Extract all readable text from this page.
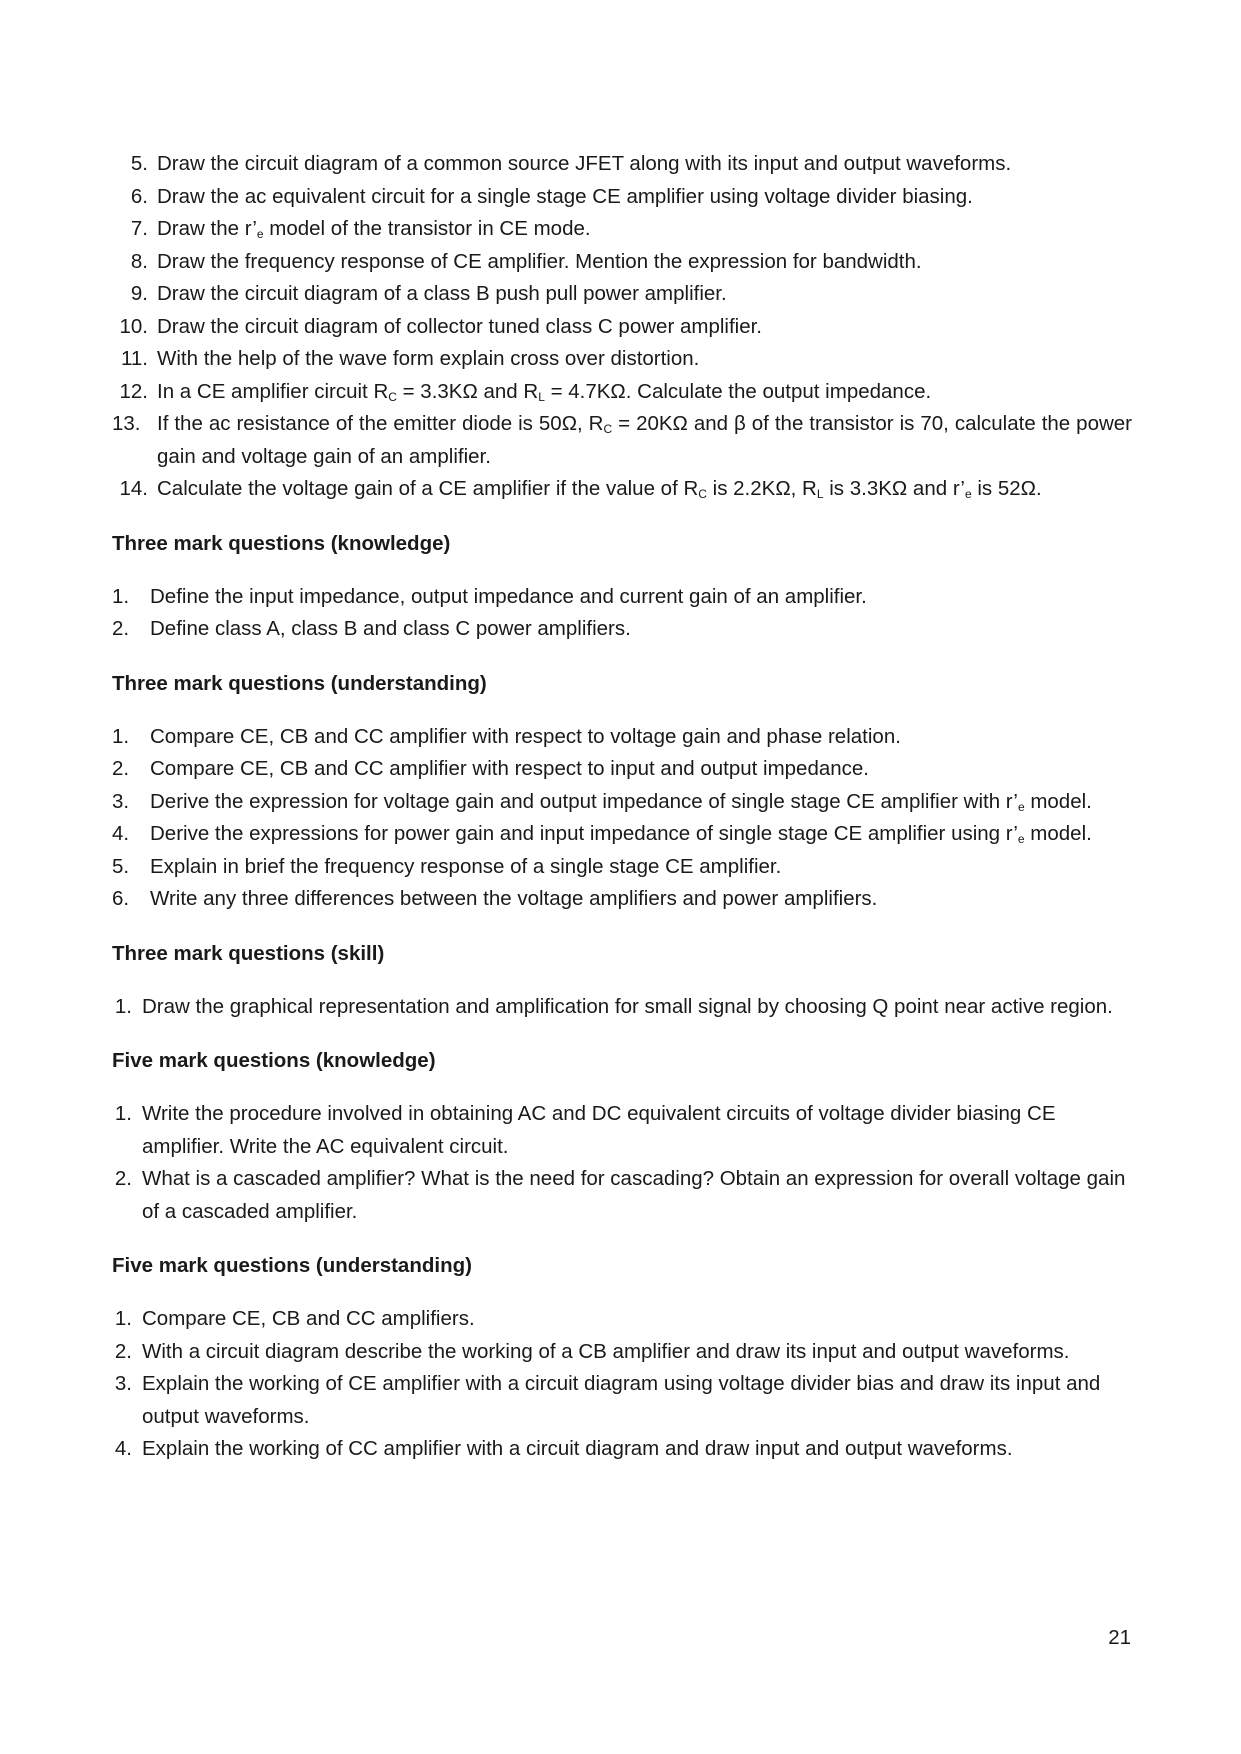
5. Draw the circuit diagram of a common source JFET along with its input and output waveforms.
6. Draw the ac equivalent circuit for a single stage CE amplifier using voltage divider biasing.
7. Draw the $r’_e$ model of the transistor in CE mode.
8. Draw the frequency response of CE amplifier. Mention the expression for bandwidth.
9. Draw the circuit diagram of a class B push pull power amplifier.
10. Draw the circuit diagram of collector tuned class C power amplifier.
11. With the help of the wave form explain cross over distortion.
12. In a CE amplifier circuit $R_C = 3.3K\Omega$ and $R_L = 4.7K\Omega$. Calculate the output impedance.
13. If the ac resistance of the emitter diode is 50Ω, $R_C = 20K\Omega$ and β of the transistor is 70, calculate the power gain and voltage gain of an amplifier.
14. Calculate the voltage gain of a CE amplifier if the value of $R_C$ is 2.2KΩ, $R_L$ is 3.3KΩ and $r’_e$ is 52Ω.
Three mark questions (knowledge)
1. Define the input impedance, output impedance and current gain of an amplifier.
2. Define class A, class B and class C power amplifiers.
Three mark questions (understanding)
1. Compare CE, CB and CC amplifier with respect to voltage gain and phase relation.
2. Compare CE, CB and CC amplifier with respect to input and output impedance.
3. Derive the expression for voltage gain and output impedance of single stage CE amplifier with $r’_e$ model.
4. Derive the expressions for power gain and input impedance of single stage CE amplifier using $r’_e$ model.
5. Explain in brief the frequency response of a single stage CE amplifier.
6. Write any three differences between the voltage amplifiers and power amplifiers.
Three mark questions (skill)
1. Draw the graphical representation and amplification for small signal by choosing Q point near active region.
Five mark questions (knowledge)
1. Write the procedure involved in obtaining AC and DC equivalent circuits of voltage divider biasing CE amplifier. Write the AC equivalent circuit.
2. What is a cascaded amplifier? What is the need for cascading? Obtain an expression for overall voltage gain of a cascaded amplifier.
Five mark questions (understanding)
1. Compare CE, CB and CC amplifiers.
2. With a circuit diagram describe the working of a CB amplifier and draw its input and output waveforms.
3. Explain the working of CE amplifier with a circuit diagram using voltage divider bias and draw its input and output waveforms.
4. Explain the working of CC amplifier with a circuit diagram and draw input and output waveforms.
21
